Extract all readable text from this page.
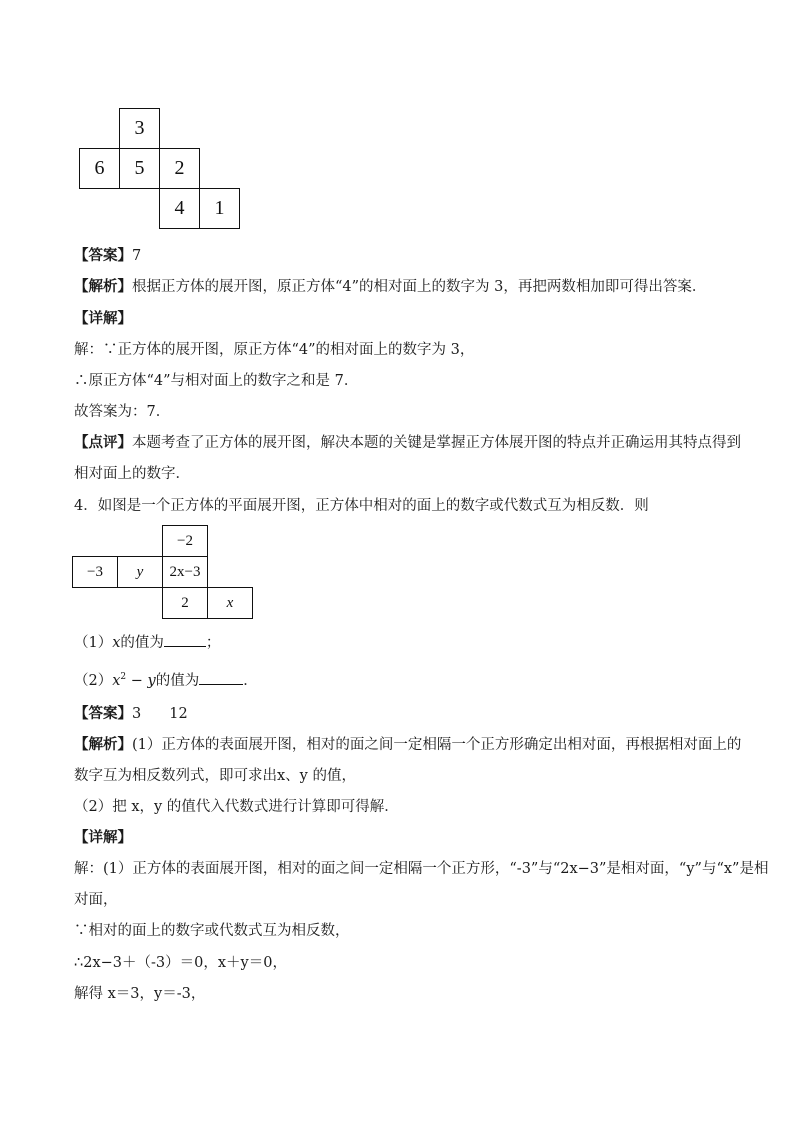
3
6	5	2
4	1
【答案】7
【解析】根据正方体的展开图，原正方体“4”的相对面上的数字为 3，再把两数相加即可得出答案．
【详解】
解：∵正方体的展开图，原正方体“4”的相对面上的数字为 3，
∴原正方体“4”与相对面上的数字之和是 7．
故答案为：7．
【点评】本题考查了正方体的展开图，解决本题的关键是掌握正方体展开图的特点并正确运用其特点得到
相对面上的数字．
4．如图是一个正方体的平面展开图，正方体中相对的面上的数字或代数式互为相反数．则
−2
−3	y	2x−3
2	x
（1）x的值为	；
$(2)x^2 - y$的值为	．
【答案】3 12
【解析】(1）正方体的表面展开图，相对的面之间一定相隔一个正方形确定出相对面，再根据相对面上的
数字互为相反数列式，即可求出x、y 的值，
（2）把 x，y 的值代入代数式进行计算即可得解．
【详解】
解：(1）正方体的表面展开图，相对的面之间一定相隔一个正方形，“-3”与“2x−3”是相对面，“y”与“x”是相
对面，
∵相对的面上的数字或代数式互为相反数，
∴2x−3＋（-3）＝0，x＋y＝0，
解得 x＝3，y＝-3，
